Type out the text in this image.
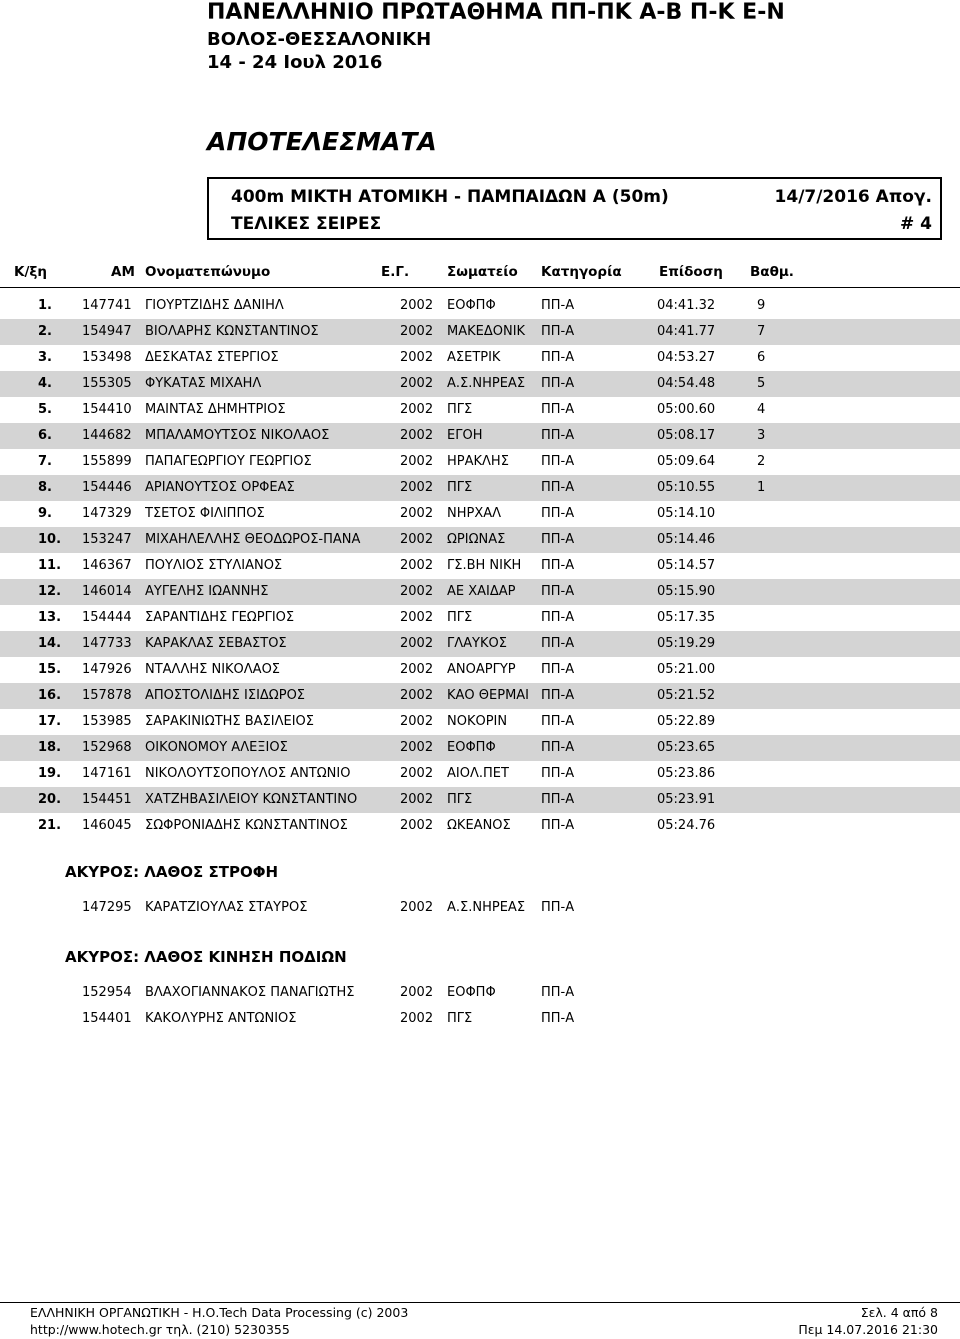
ΠΑΝΕΛΛΗΝΙΟ ΠΡΩΤΑΘΗΜΑ ΠΠ-ΠΚ Α-Β Π-Κ Ε-Ν
ΒΟΛΟΣ-ΘΕΣΣΑΛΟΝΙΚΗ
14 - 24 Ιουλ 2016
ΑΠΟΤΕΛΕΣΜΑΤΑ
400m ΜΙΚΤΗ ΑΤΟΜΙΚΗ - ΠΑΜΠΑΙΔΩΝ Α (50m)	14/7/2016 Απογ.
ΤΕΛΙΚΕΣ ΣΕΙΡΕΣ	# 4
Κ/ξη	ΑΜ Ονοματεπώνυμο	Ε.Γ.	Σωματείο Κατηγορία	Επίδοση Βαθμ.
1. 147741 ΓΙΟΥΡΤΖΙΔΗΣ ΔΑΝΙΗΛ	2002 ΕΟΦΠΦ	ΠΠ-Α	04:41.32	9
2. 154947 ΒΙΟΛΑΡΗΣ ΚΩΝΣΤΑΝΤΙΝΟΣ	2002 ΜΑΚΕΔΟΝΙΚ	ΠΠ-Α	04:41.77	7
3. 153498 ΔΕΣΚΑΤΑΣ ΣΤΕΡΓΙΟΣ	2002 ΑΣΕΤΡΙΚ	ΠΠ-Α	04:53.27	6
4. 155305 ΦΥΚΑΤΑΣ ΜΙΧΑΗΛ	2002 Α.Σ.ΝΗΡΕΑΣ	ΠΠ-Α	04:54.48	5
5. 154410 ΜΑΙΝΤΑΣ ΔΗΜΗΤΡΙΟΣ	2002 ΠΓΣ	ΠΠ-Α	05:00.60	4
6. 144682 ΜΠΑΛΑΜΟΥΤΣΟΣ ΝΙΚΟΛΑΟΣ	2002 ΕΓΟΗ	ΠΠ-Α	05:08.17	3
7. 155899 ΠΑΠΑΓΕΩΡΓΙΟΥ ΓΕΩΡΓΙΟΣ	2002 ΗΡΑΚΛΗΣ	ΠΠ-Α	05:09.64	2
8. 154446 ΑΡΙΑΝΟΥΤΣΟΣ ΟΡΦΕΑΣ	2002 ΠΓΣ	ΠΠ-Α	05:10.55	1
9. 147329 ΤΣΕΤΟΣ ΦΙΛΙΠΠΟΣ	2002 ΝΗΡΧΑΛ	ΠΠ-Α	05:14.10
10. 153247 ΜΙΧΑΗΛΕΛΛΗΣ ΘΕΟΔΩΡΟΣ-ΠΑΝΑ	2002 ΩΡΙΩΝΑΣ	ΠΠ-Α	05:14.46
11. 146367 ΠΟΥΛΙΟΣ ΣΤΥΛΙΑΝΟΣ	2002 ΓΣ.ΒΗ ΝΙΚΗ	ΠΠ-Α	05:14.57
12. 146014 ΑΥΓΕΛΗΣ ΙΩΑΝΝΗΣ	2002 ΑΕ ΧΑΙΔΑΡ	ΠΠ-Α	05:15.90
13. 154444 ΣΑΡΑΝΤΙΔΗΣ ΓΕΩΡΓΙΟΣ	2002 ΠΓΣ	ΠΠ-Α	05:17.35
14. 147733 ΚΑΡΑΚΛΑΣ ΣΕΒΑΣΤΟΣ	2002 ΓΛΑΥΚΟΣ	ΠΠ-Α	05:19.29
15. 147926 ΝΤΑΛΛΗΣ ΝΙΚΟΛΑΟΣ	2002 ΑΝΟΑΡΓΥΡ	ΠΠ-Α	05:21.00
16. 157878 ΑΠΟΣΤΟΛΙΔΗΣ ΙΣΙΔΩΡΟΣ	2002 ΚΑΟ ΘΕΡΜΑΙ ΠΠ-Α	05:21.52
17. 153985 ΣΑΡΑΚΙΝΙΩΤΗΣ ΒΑΣΙΛΕΙΟΣ	2002 ΝΟΚΟΡΙΝ	ΠΠ-Α	05:22.89
18. 152968 ΟΙΚΟΝΟΜΟΥ ΑΛΕΞΙΟΣ	2002 ΕΟΦΠΦ	ΠΠ-Α	05:23.65
19. 147161 ΝΙΚΟΛΟΥΤΣΟΠΟΥΛΟΣ ΑΝΤΩΝΙΟ	2002 ΑΙΟΛ.ΠΕΤ	ΠΠ-Α	05:23.86
20. 154451 ΧΑΤΖΗΒΑΣΙΛΕΙΟΥ ΚΩΝΣΤΑΝΤΙΝΟ	2002 ΠΓΣ	ΠΠ-Α	05:23.91
21. 146045 ΣΩΦΡΟΝΙΑΔΗΣ ΚΩΝΣΤΑΝΤΙΝΟΣ	2002 ΩΚΕΑΝΟΣ	ΠΠ-Α	05:24.76
ΑΚΥΡΟΣ: ΛΑΘΟΣ ΣΤΡΟΦΗ
147295 ΚΑΡΑΤΖΙΟΥΛΑΣ ΣΤΑΥΡΟΣ	2002 Α.Σ.ΝΗΡΕΑΣ	ΠΠ-Α
ΑΚΥΡΟΣ: ΛΑΘΟΣ ΚΙΝΗΣΗ ΠΟΔΙΩΝ
152954 ΒΛΑΧΟΓΙΑΝΝΑΚΟΣ ΠΑΝΑΓΙΩΤΗΣ	2002 ΕΟΦΠΦ	ΠΠ-Α
154401 ΚΑΚΟΛΥΡΗΣ ΑΝΤΩΝΙΟΣ	2002 ΠΓΣ	ΠΠ-Α
ΕΛΛΗΝΙΚΗ ΟΡΓΑΝΩΤΙΚΗ - Η.Ο.Tech Data Processing (c) 2003
http://www.hotech.gr τηλ. (210) 5230355
Σελ. 4 από 8
Πεμ 14.07.2016 21:30
